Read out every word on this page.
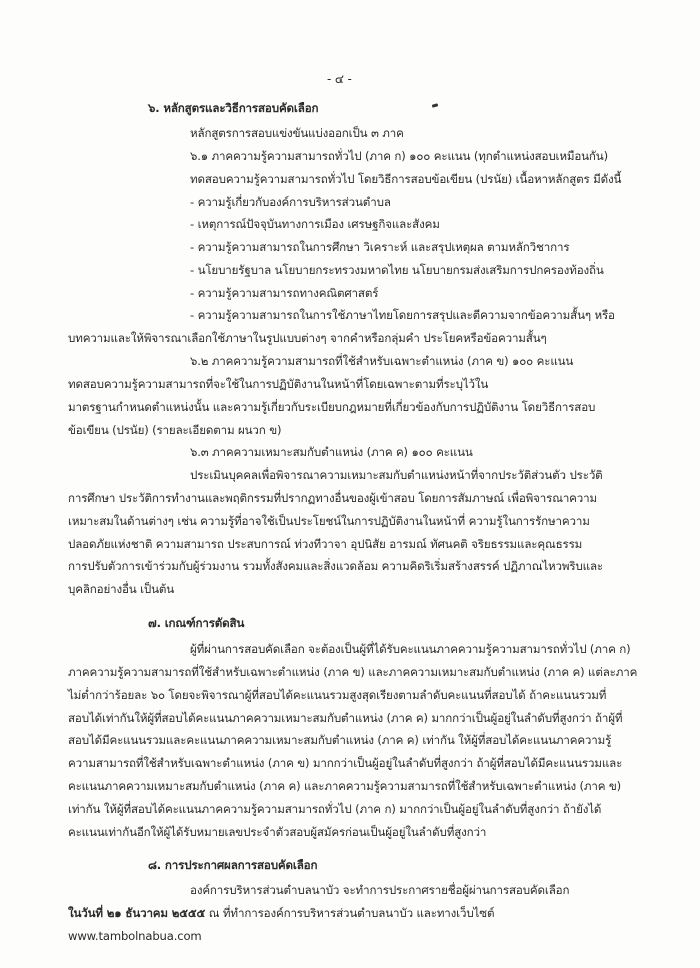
- ๔ -
๖. หลักสูตรและวิธีการสอบคัดเลือก
หลักสูตรการสอบแข่งขันแบ่งออกเป็น ๓ ภาค
๖.๑ ภาคความรู้ความสามารถทั่วไป (ภาค ก) ๑๐๐ คะแนน (ทุกตำแหน่งสอบเหมือนกัน)
ทดสอบความรู้ความสามารถทั่วไป โดยวิธีการสอบข้อเขียน (ปรนัย) เนื้อหาหลักสูตร มีดังนี้
- ความรู้เกี่ยวกับองค์การบริหารส่วนตำบล
- เหตุการณ์ปัจจุบันทางการเมือง เศรษฐกิจและสังคม
- ความรู้ความสามารถในการศึกษา วิเคราะห์ และสรุปเหตุผล ตามหลักวิชาการ
- นโยบายรัฐบาล นโยบายกระทรวงมหาดไทย นโยบายกรมส่งเสริมการปกครองท้องถิ่น
- ความรู้ความสามารถทางคณิตศาสตร์
- ความรู้ความสามารถในการใช้ภาษาไทยโดยการสรุปและตีความจากข้อความสั้นๆ หรือ
บทความและให้พิจารณาเลือกใช้ภาษาในรูปแบบต่างๆ จากคำหรือกลุ่มคำ ประโยคหรือข้อความสั้นๆ
๖.๒ ภาคความรู้ความสามารถที่ใช้สำหรับเฉพาะตำแหน่ง (ภาค ข) ๑๐๐ คะแนน
ทดสอบความรู้ความสามารถที่จะใช้ในการปฏิบัติงานในหน้าที่โดยเฉพาะตามที่ระบุไว้ใน
มาตรฐานกำหนดตำแหน่งนั้น และความรู้เกี่ยวกับระเบียบกฎหมายที่เกี่ยวข้องกับการปฏิบัติงาน โดยวิธีการสอบ
ข้อเขียน (ปรนัย) (รายละเอียดตาม ผนวก ข)
๖.๓ ภาคความเหมาะสมกับตำแหน่ง (ภาค ค) ๑๐๐ คะแนน
ประเมินบุคคลเพื่อพิจารณาความเหมาะสมกับตำแหน่งหน้าที่จากประวัติส่วนตัว ประวัติ
การศึกษา ประวัติการทำงานและพฤติกรรมที่ปรากฏทางอื่นของผู้เข้าสอบ โดยการสัมภาษณ์ เพื่อพิจารณาความ
เหมาะสมในด้านต่างๆ เช่น ความรู้ที่อาจใช้เป็นประโยชน์ในการปฏิบัติงานในหน้าที่ ความรู้ในการรักษาความ
ปลอดภัยแห่งชาติ ความสามารถ ประสบการณ์ ท่วงทีวาจา อุปนิสัย อารมณ์ ทัศนคติ จริยธรรมและคุณธรรม
การปรับตัวการเข้าร่วมกับผู้ร่วมงาน รวมทั้งสังคมและสิ่งแวดล้อม ความคิดริเริ่มสร้างสรรค์ ปฏิภาณไหวพริบและ
บุคลิกอย่างอื่น เป็นต้น
๗. เกณฑ์การตัดสิน
ผู้ที่ผ่านการสอบคัดเลือก จะต้องเป็นผู้ที่ได้รับคะแนนภาคความรู้ความสามารถทั่วไป (ภาค ก)
ภาคความรู้ความสามารถที่ใช้สำหรับเฉพาะตำแหน่ง (ภาค ข) และภาคความเหมาะสมกับตำแหน่ง (ภาค ค) แต่ละภาค
ไม่ต่ำกว่าร้อยละ ๖๐ โดยจะพิจารณาผู้ที่สอบได้คะแนนรวมสูงสุดเรียงตามลำดับคะแนนที่สอบได้ ถ้าคะแนนรวมที่
สอบได้เท่ากันให้ผู้ที่สอบได้คะแนนภาคความเหมาะสมกับตำแหน่ง (ภาค ค) มากกว่าเป็นผู้อยู่ในลำดับที่สูงกว่า ถ้าผู้ที่
สอบได้มีคะแนนรวมและคะแนนภาคความเหมาะสมกับตำแหน่ง (ภาค ค) เท่ากัน ให้ผู้ที่สอบได้คะแนนภาคความรู้
ความสามารถที่ใช้สำหรับเฉพาะตำแหน่ง (ภาค ข) มากกว่าเป็นผู้อยู่ในลำดับที่สูงกว่า ถ้าผู้ที่สอบได้มีคะแนนรวมและ
คะแนนภาคความเหมาะสมกับตำแหน่ง (ภาค ค) และภาคความรู้ความสามารถที่ใช้สำหรับเฉพาะตำแหน่ง (ภาค ข)
เท่ากัน ให้ผู้ที่สอบได้คะแนนภาคความรู้ความสามารถทั่วไป (ภาค ก) มากกว่าเป็นผู้อยู่ในลำดับที่สูงกว่า ถ้ายังได้
คะแนนเท่ากันอีกให้ผู้ได้รับหมายเลขประจำตัวสอบผู้สมัครก่อนเป็นผู้อยู่ในลำดับที่สูงกว่า
๘. การประกาศผลการสอบคัดเลือก
องค์การบริหารส่วนตำบลนาบัว จะทำการประกาศรายชื่อผู้ผ่านการสอบคัดเลือก
ในวันที่ ๒๑ ธันวาคม ๒๕๕๕ ณ ที่ทำการองค์การบริหารส่วนตำบลนาบัว และทางเว็บไซต์
www.tambolnabua.com
